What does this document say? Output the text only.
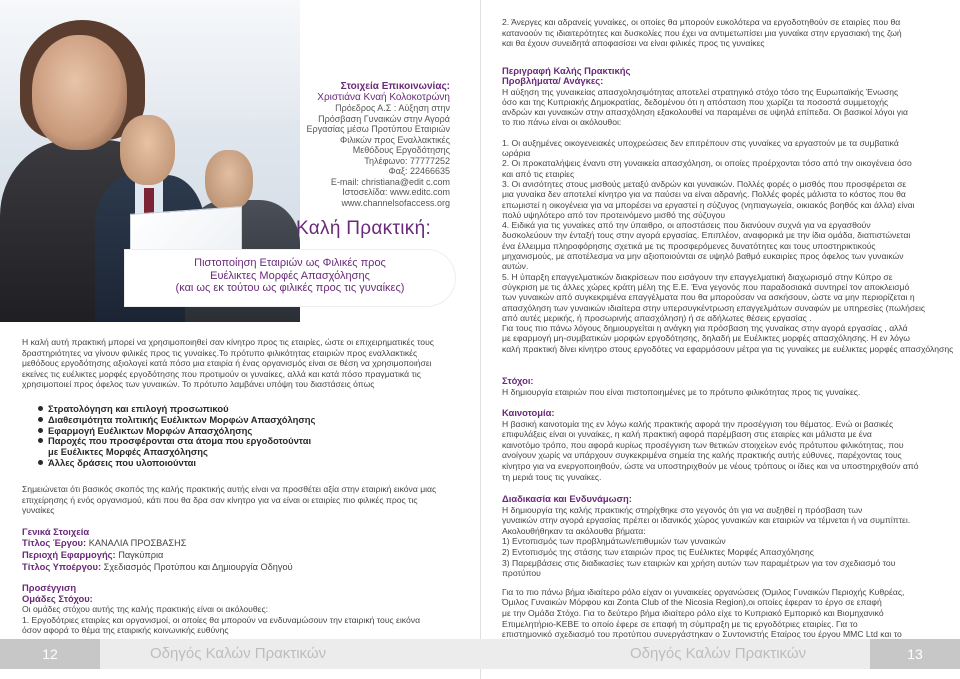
Στοιχεία Επικοινωνίας:
Χριστιάνα Κναή Κολοκοτρώνη
Πρόεδρος Α.Σ : Αύξηση στην
Πρόσβαση Γυναικών στην Αγορά
Εργασίας μέσω Προτύπου Εταιριών
Φιλικών προς Εναλλακτικές
Μεθόδους Εργοδότησης
Τηλέφωνο: 77777252
Φαξ: 22466635
E-mail: christiana@edit c.com
Ιστοσελίδα: www.editc.com
www.channelsofaccess.org
Καλή Πρακτική:
Πιστοποίηση Εταιριών ως Φιλικές προς
Ευέλικτες Μορφές Απασχόλησης
(και ως εκ τούτου ως φιλικές προς τις γυναίκες)
Η καλή αυτή πρακτική μπορεί να χρησιμοποιηθεί σαν κίνητρο προς τις εταιρίες, ώστε οι επιχειρηματικές τους
δραστηριότητες να γίνουν φιλικές προς τις γυναίκες.Το πρότυπο φιλικότητας εταιριών προς εναλλακτικές
μεθόδους εργοδότησης αξιολογεί κατά πόσο μια εταιρία ή ένας οργανισμός είναι σε θέση να χρησιμοποιήσει
εκείνες τις ευέλικτες μορφές εργοδότησης που προτιμούν οι γυναίκες, αλλά και κατά πόσο πραγματικά τις
χρησιμοποιεί προς όφελος των γυναικών. Το πρότυπο λαμβάνει υπόψη του διαστάσεις όπως
Στρατολόγηση και επιλογή προσωπικού
Διαθεσιμότητα πολιτικής Ευέλικτων Μορφών Απασχόλησης
Εφαρμογή Ευέλικτων Μορφών Απασχόλησης
Παροχές που προσφέρονται στα άτομα που εργοδοτούνται
με Ευέλικτες Μορφές Απασχόλησης
Άλλες δράσεις που υλοποιούνται
Σημειώνεται ότι βασικός σκοπός της καλής πρακτικής αυτής είναι να προσθέτει αξία στην εταιρική εικόνα μιας
επιχείρησης ή ενός οργανισμού, κάτι που θα δρα σαν κίνητρο για να είναι οι εταιρίες πιο φιλικές προς τις
γυναίκες
Γενικά Στοιχεία
Τίτλος Έργου: ΚΑΝΑΛΙΑ ΠΡΟΣΒΑΣΗΣ
Περιοχή Εφαρμογής: Παγκύπρια
Τίτλος Υποέργου: Σχεδιασμός Προτύπου και Δημιουργία Οδηγού
Προσέγγιση
Ομάδες Στόχου:
Οι ομάδες στόχου αυτής της καλής πρακτικής είναι οι ακόλουθες:
1. Εργοδότριες εταιρίες και οργανισμοί, οι οποίες θα μπορούν να ενδυναμώσουν την εταιρική τους εικόνα
όσον αφορά το θέμα της εταιρικής κοινωνικής ευθύνης
2. Άνεργες και αδρανείς γυναίκες, οι οποίες θα μπορούν ευκολότερα να εργοδοτηθούν σε εταιρίες που θα
κατανοούν τις ιδιαιτερότητες και δυσκολίες που έχει να αντιμετωπίσει μια γυναίκα στην εργασιακή της ζωή
και θα έχουν συνειδητά αποφασίσει να είναι φιλικές προς τις γυναίκες
Περιγραφή Καλής Πρακτικής
Προβλήματα/ Ανάγκες:
Η αύξηση της γυναικείας απασχολησιμότητας αποτελεί στρατηγικό στόχο τόσο της Ευρωπαϊκής Ένωσης
όσο και της Κυπριακής Δημοκρατίας, δεδομένου ότι η απόσταση που χωρίζει τα ποσοστά συμμετοχής
ανδρών και γυναικών στην απασχόληση εξακολουθεί να παραμένει σε υψηλά επίπεδα. Οι βασικοί λόγοι για
το πιο πάνω είναι οι ακόλουθοι:
1. Οι αυξημένες οικογενειακές υποχρεώσεις δεν επιτρέπουν στις γυναίκες να εργαστούν με τα συμβατικά
ωράρια
2. Οι προκαταλήψεις έναντι στη γυναικεία απασχόληση, οι οποίες προέρχονται τόσο από την οικογένεια όσο
και από τις εταιρίες
3. Οι ανισότητες στους μισθούς μεταξύ ανδρών και γυναικών. Πολλές φορές ο μισθός που προσφέρεται σε
μια γυναίκα δεν αποτελεί κίνητρο για να παύσει να είναι αδρανής. Πολλές φορές μάλιστα το κόστος που θα
επωμιστεί η οικογένεια για να μπορέσει να εργαστεί η σύζυγος (νηπιαγωγεία, οικιακός βοηθός και άλλα) είναι
πολύ υψηλότερο από τον προτεινόμενο μισθό της σύζυγου
4. Ειδικά για τις γυναίκες από την ύπαιθρο, οι αποστάσεις που διανύουν συχνά για να εργασθούν
δυσκολεύουν την ένταξή τους στην αγορά εργασίας. Επιπλέον, αναφορικά με την ίδια ομάδα, διαπιστώνεται
ένα έλλειμμα πληροφόρησης σχετικά με τις προσφερόμενες δυνατότητες και τους υποστηρικτικούς
μηχανισμούς, με αποτέλεσμα να μην αξιοποιούνται σε υψηλό βαθμό ευκαιρίες προς όφελος των γυναικών
αυτών.
5. Η ύπαρξη επαγγελματικών διακρίσεων που εισάγουν την επαγγελματική διαχωρισμό στην Κύπρο σε
σύγκριση με τις άλλες χώρες κράτη μέλη της Ε.Ε. Ένα γεγονός που παραδοσιακά συντηρεί τον αποκλεισμό
των γυναικών από συγκεκριμένα επαγγέλματα που θα μπορούσαν να ασκήσουν, ώστε να μην περιορίζεται η
απασχόληση των γυναικών ιδιαίτερα στην υπερσυγκέντρωση επαγγελμάτων συναφών με υπηρεσίες (πωλήσεις
από αυτές μερικής, ή προσωρινής απασχόληση) ή σε αδήλωτες θέσεις εργασίας .
Για τους πιο πάνω λόγους δημιουργείται η ανάγκη για πρόσβαση της γυναίκας στην αγορά εργασίας , αλλά
με εφαρμογή μη-συμβατικών μορφών εργοδότησης, δηλαδή με Ευέλικτες μορφές απασχόλησης. Η εν λόγω
καλή πρακτική δίνει κίνητρο στους εργοδότες να εφαρμόσουν μέτρα για τις γυναίκες με ευέλικτες μορφές απασχόλησης
Στόχοι:
Η δημιουργία εταιριών που είναι πιστοποιημένες με το πρότυπο φιλικότητας προς τις γυναίκες.
Καινοτομία:
Η βασική καινοτομία της εν λόγω καλής πρακτικής αφορά την προσέγγιση του θέματος. Ενώ οι βασικές
επιφυλάξεις είναι οι γυναίκες, η καλή πρακτική αφορά παρέμβαση στις εταιρίες και μάλιστα με ένα
καινοτόμο τρόπο, που αφορά κυρίως προσέγγιση των θετικών στοιχείων ενός πρότυπου φιλικότητας, που
ανοίγουν χωρίς να υπάρχουν συγκεκριμένα σημεία της καλής πρακτικής αυτής εύθυνες, παρέχοντας τους
κίνητρο για να ενεργοποιηθούν, ώστε να υποστηριχθούν με νέους τρόπους οι ίδιες και να υποστηριχθούν από
τη μεριά τους τις γυναίκες.
Διαδικασία και Ενδυνάμωση:
Η δημιουργία της καλής πρακτικής στηρίχθηκε στο γεγονός ότι για να αυξηθεί η πρόσβαση των
γυναικών στην αγορά εργασίας πρέπει οι ιδανικός χώρος γυναικών και εταιριών να τέμνεται ή να συμπίπτει.
Ακολουθήθηκαν τα ακόλουθα βήματα:
1) Εντοπισμός των προβλημάτων/επιθυμιών των γυναικών
2) Εντοπισμός της στάσης των εταιριών προς τις Ευέλικτες Μορφές Απασχόλησης
3) Παρεμβάσεις στις διαδικασίες των εταιριών και χρήση αυτών των παραμέτρων για τον σχεδιασμό του
προτύπου
Για το πιο πάνω βήμα ιδιαίτερο ρόλο είχαν οι γυναικείες οργανώσεις (Όμιλος Γυναικών Περιοχής Κυθρέας,
Όμιλος Γυναικών Μόρφου και Zonta Club of the Nicosia Region),οι οποίες έφεραν το έργο σε επαφή
με την Ομάδα Στόχο. Για το δεύτερο βήμα ιδιαίτερο ρόλο είχε το Κυπριακό Εμπορικό και Βιομηχανικό
Επιμελητήριο-ΚΕΒΕ το οποίο έφερε σε επαφή τη σύμπραξη με τις εργοδότριες εταιρίες. Για το
επιστημονικό σχεδιασμό του προτύπου συνεργάστηκαν ο Συντονιστής Εταίρος του έργου MMC Ltd και το
12	Οδηγός Καλών Πρακτικών	Οδηγός Καλών Πρακτικών	13
